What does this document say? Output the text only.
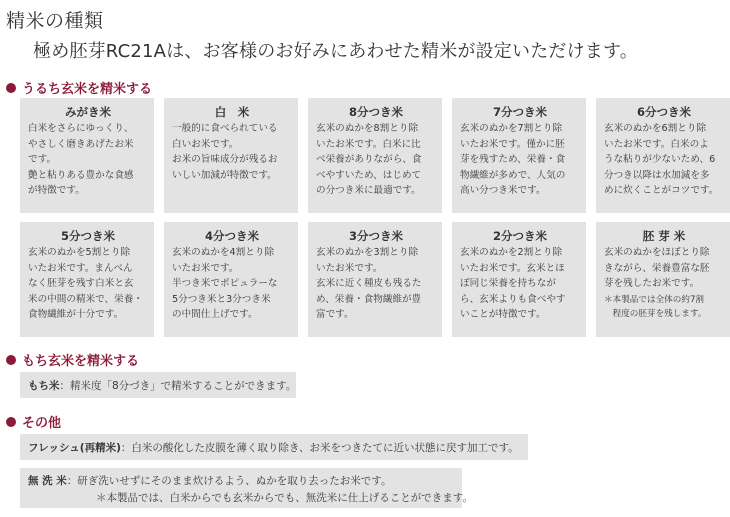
精米の種類
極め胚芽RC21Aは、お客様のお好みにあわせた精米が設定いただけます。
うるち玄米を精米する
みがき米
白米をさらにゆっくり、
やさしく磨きあげたお米
です。
艶と粘りある豊かな食感
が特徴です。
白　米
一般的に食べられている
白いお米です。
お米の旨味成分が残るお
いしい加減が特徴です。
8分つき米
玄米のぬかを8割とり除
いたお米です。白米に比
べ栄養がありながら、食
べやすいため、はじめて
の分つき米に最適です。
7分つき米
玄米のぬかを7割とり除
いたお米です。僅かに胚
芽を残すため、栄養・食
物繊維が多めで、人気の
高い分つき米です。
6分つき米
玄米のぬかを6割とり除
いたお米です。白米のよ
うな粘りが少ないため、6
分つき以降は水加減を多
めに炊くことがコツです。
5分つき米
玄米のぬかを5割とり除
いたお米です。まんべん
なく胚芽を残す白米と玄
米の中間の精米で、栄養・
食物繊維が十分です。
4分つき米
玄米のぬかを4割とり除
いたお米です。
半つき米でポピュラーな
5分つき米と3分つき米
の中間仕上げです。
3分つき米
玄米のぬかを3割とり除
いたお米です。
玄米に近く種皮も残るた
め、栄養・食物繊維が豊
富です。
2分つき米
玄米のぬかを2割とり除
いたお米です。玄米とほ
ぼ同じ栄養を持ちなが
ら、玄米よりも食べやす
いことが特徴です。
胚 芽 米
玄米のぬかをほぼとり除
きながら、栄養豊富な胚
芽を残したお米です。
＊本製品では全体の約7割
　程度の胚芽を残します。
もち玄米を精米する
もち米：精米度「8分づき」で精米することができます。
その他
フレッシュ(再精米)：白米の酸化した皮膜を薄く取り除き、お米をつきたてに近い状態に戻す加工です。
無 洗 米：研ぎ洗いせずにそのまま炊けるよう、ぬかを取り去ったお米です。
＊本製品では、白米からでも玄米からでも、無洗米に仕上げることができます。
